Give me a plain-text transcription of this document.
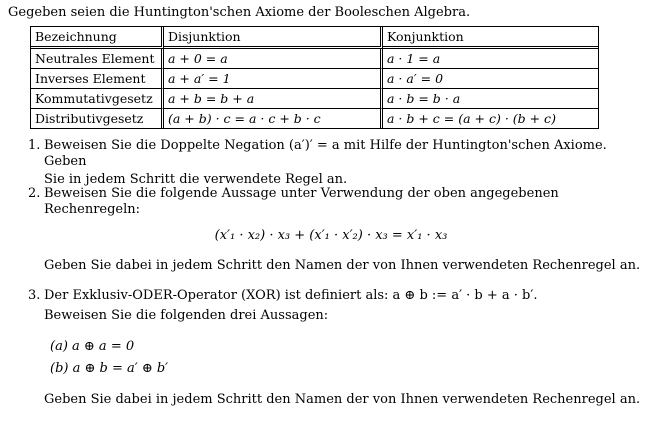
Gegeben seien die Huntington'schen Axiome der Booleschen Algebra.
Bezeichnung	Disjunktion	Konjunktion
Neutrales Element	a + 0 = a	a · 1 = a
Inverses Element	a + a′ = 1	a · a′ = 0
Kommutativgesetz	a + b = b + a	a · b = b · a
Distributivgesetz	(a + b) · c = a · c + b · c	a · b + c = (a + c) · (b + c)
1. Beweisen Sie die Doppelte Negation (a′)′ = a mit Hilfe der Huntington'schen Axiome. Geben
Sie in jedem Schritt die verwendete Regel an.
2. Beweisen Sie die folgende Aussage unter Verwendung der oben angegebenen Rechenregeln:
(x′₁ · x₂) · x₃ + (x′₁ · x′₂) · x₃ = x′₁ · x₃
Geben Sie dabei in jedem Schritt den Namen der von Ihnen verwendeten Rechenregel an.
3. Der Exklusiv-ODER-Operator (XOR) ist definiert als: a ⊕ b := a′ · b + a · b′.
Beweisen Sie die folgenden drei Aussagen:
(a) a ⊕ a = 0
(b) a ⊕ b = a′ ⊕ b′
Geben Sie dabei in jedem Schritt den Namen der von Ihnen verwendeten Rechenregel an.
